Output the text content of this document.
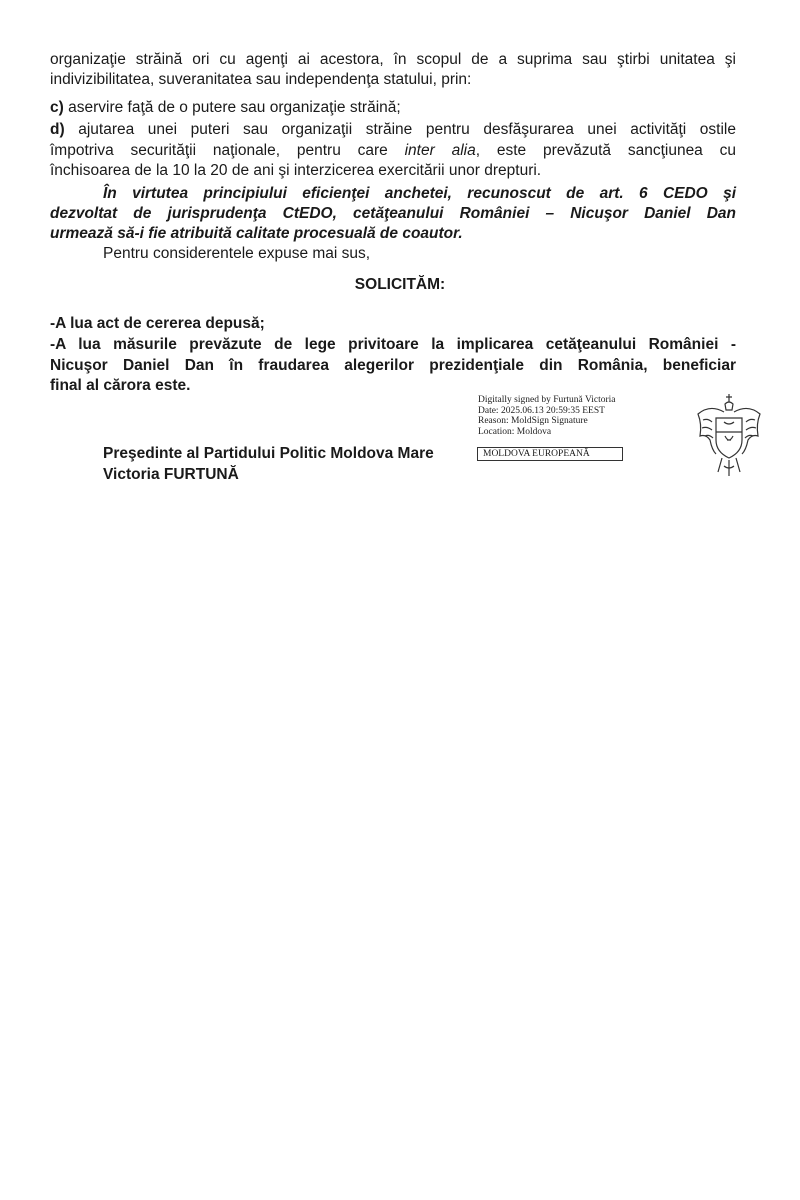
organizaţie străină ori cu agenţi ai acestora, în scopul de a suprima sau ştirbi unitatea şi
indivizibilitatea, suveranitatea sau independenţa statului, prin:
c) aservire faţă de o putere sau organizaţie străină;
d) ajutarea unei puteri sau organizaţii străine pentru desfăşurarea unei activităţi ostile
împotriva securităţii naţionale, pentru care inter alia, este prevăzută sancţiunea cu
închisoarea de la 10 la 20 de ani şi interzicerea exercitării unor drepturi.
În virtutea principiului eficienţei anchetei, recunoscut de art. 6 CEDO şi
dezvoltat de jurisprudenţa CtEDO, cetăţeanului României – Nicuşor Daniel Dan
urmează să-i fie atribuită calitate procesuală de coautor.
Pentru considerentele expuse mai sus,
SOLICITĂM:
-A lua act de cererea depusă;
-A lua măsurile prevăzute de lege privitoare la implicarea cetăţeanului României -
Nicuşor Daniel Dan în fraudarea alegerilor prezidenţiale din România, beneficiar
final al cărora este.
Digitally signed by Furtună Victoria
Date: 2025.06.13 20:59:35 EEST
Reason: MoldSign Signature
Location: Moldova
MOLDOVA EUROPEANĂ
Preşedinte al Partidului Politic Moldova Mare
Victoria FURTUNĂ
